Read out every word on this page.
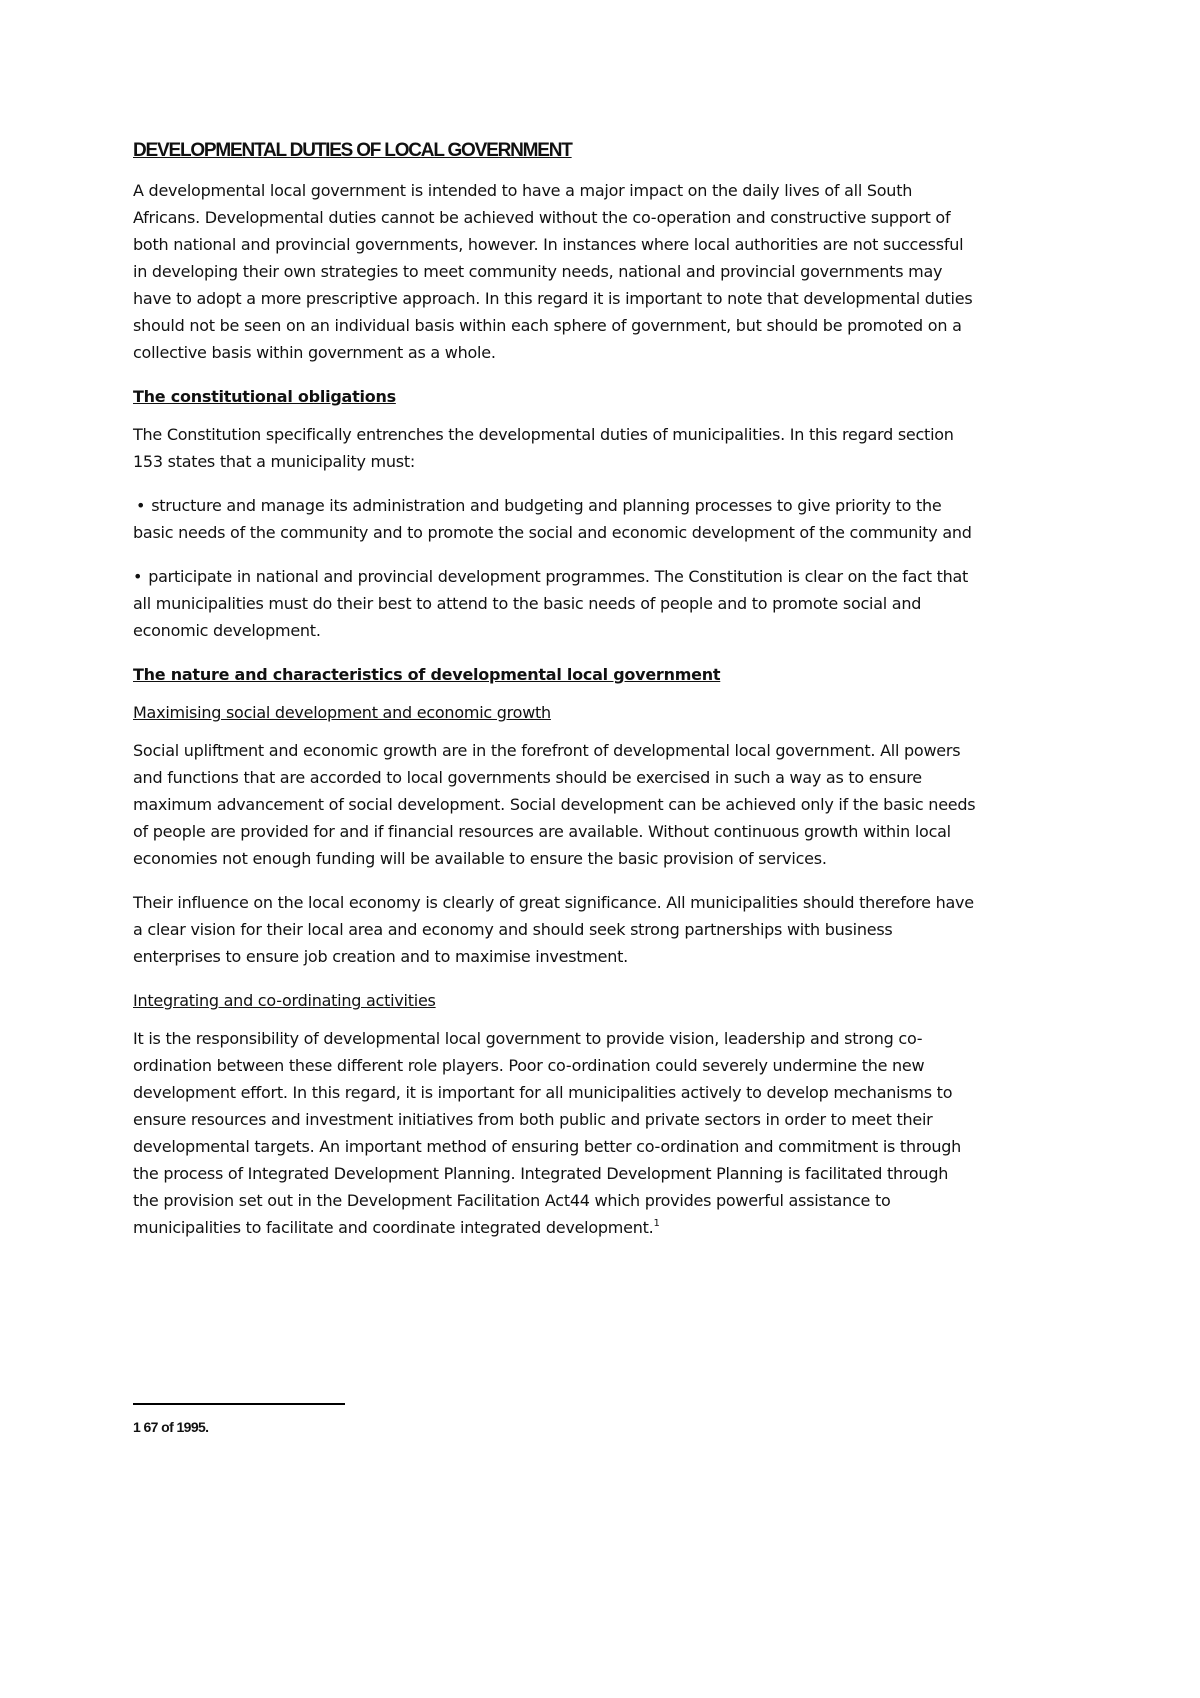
DEVELOPMENTAL DUTIES OF LOCAL GOVERNMENT

A developmental local government is intended to have a major impact on the daily lives of all South Africans. Developmental duties cannot be achieved without the co-operation and constructive support of both national and provincial governments, however. In instances where local authorities are not successful in developing their own strategies to meet community needs, national and provincial governments may have to adopt a more prescriptive approach. In this regard it is important to note that developmental duties should not be seen on an individual basis within each sphere of government, but should be promoted on a collective basis within government as a whole.

The constitutional obligations

The Constitution specifically entrenches the developmental duties of municipalities. In this regard section 153 states that a municipality must:

• structure and manage its administration and budgeting and planning processes to give priority to the basic needs of the community and to promote the social and economic development of the community and

• participate in national and provincial development programmes. The Constitution is clear on the fact that all municipalities must do their best to attend to the basic needs of people and to promote social and economic development.

The nature and characteristics of developmental local government

Maximising social development and economic growth

Social upliftment and economic growth are in the forefront of developmental local government. All powers and functions that are accorded to local governments should be exercised in such a way as to ensure maximum advancement of social development. Social development can be achieved only if the basic needs of people are provided for and if financial resources are available. Without continuous growth within local economies not enough funding will be available to ensure the basic provision of services.

Their influence on the local economy is clearly of great significance. All municipalities should therefore have a clear vision for their local area and economy and should seek strong partnerships with business enterprises to ensure job creation and to maximise investment.

Integrating and co-ordinating activities

It is the responsibility of developmental local government to provide vision, leadership and strong co-ordination between these different role players. Poor co-ordination could severely undermine the new development effort. In this regard, it is important for all municipalities actively to develop mechanisms to ensure resources and investment initiatives from both public and private sectors in order to meet their developmental targets. An important method of ensuring better co-ordination and commitment is through the process of Integrated Development Planning. Integrated Development Planning is facilitated through the provision set out in the Development Facilitation Act44 which provides powerful assistance to municipalities to facilitate and coordinate integrated development.$^1$

1 67 of 1995.
